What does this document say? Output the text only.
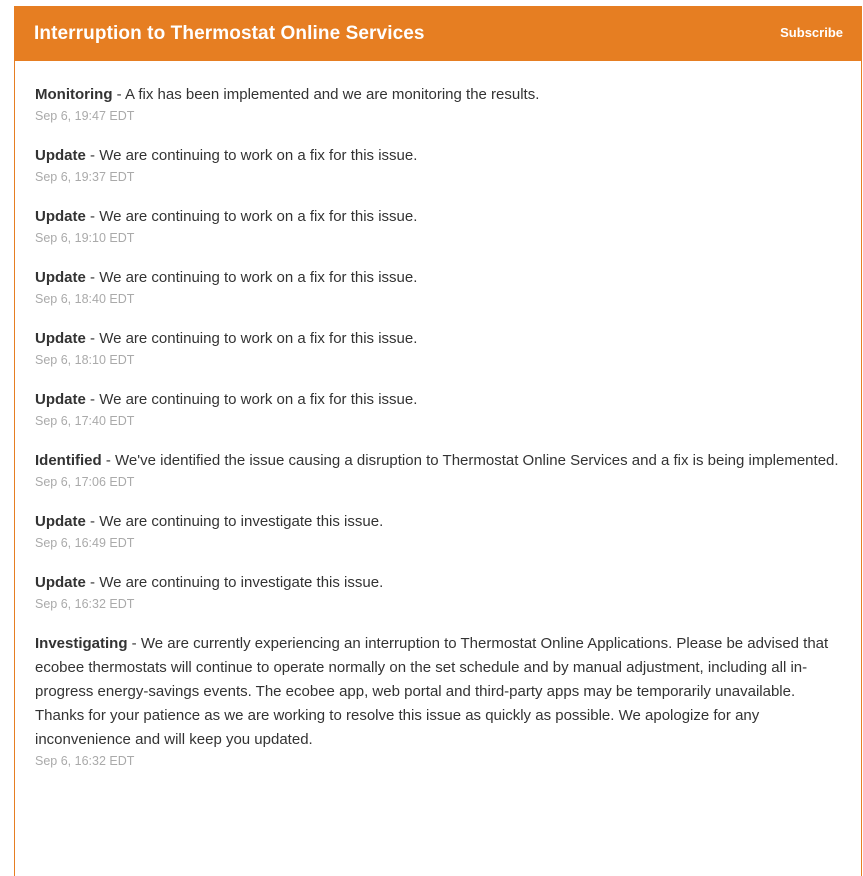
Interruption to Thermostat Online Services	Subscribe
Monitoring - A fix has been implemented and we are monitoring the results.
Sep 6, 19:47 EDT
Update - We are continuing to work on a fix for this issue.
Sep 6, 19:37 EDT
Update - We are continuing to work on a fix for this issue.
Sep 6, 19:10 EDT
Update - We are continuing to work on a fix for this issue.
Sep 6, 18:40 EDT
Update - We are continuing to work on a fix for this issue.
Sep 6, 18:10 EDT
Update - We are continuing to work on a fix for this issue.
Sep 6, 17:40 EDT
Identified - We've identified the issue causing a disruption to Thermostat Online Services and a fix is being implemented.
Sep 6, 17:06 EDT
Update - We are continuing to investigate this issue.
Sep 6, 16:49 EDT
Update - We are continuing to investigate this issue.
Sep 6, 16:32 EDT
Investigating - We are currently experiencing an interruption to Thermostat Online Applications. Please be advised that ecobee thermostats will continue to operate normally on the set schedule and by manual adjustment, including all in-progress energy-savings events. The ecobee app, web portal and third-party apps may be temporarily unavailable. Thanks for your patience as we are working to resolve this issue as quickly as possible. We apologize for any inconvenience and will keep you updated.
Sep 6, 16:32 EDT
